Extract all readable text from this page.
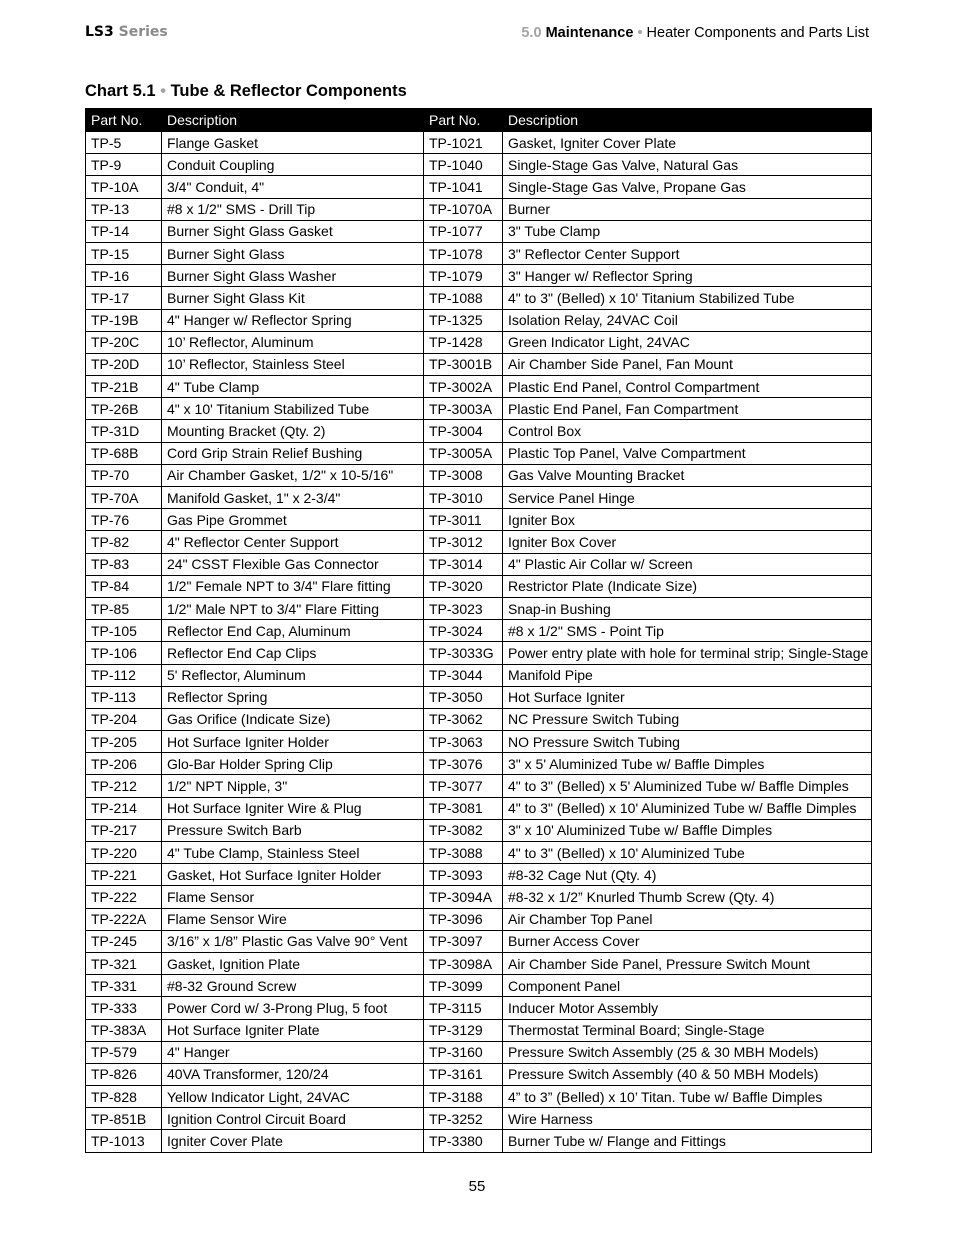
LS3 Series	5.0 Maintenance • Heater Components and Parts List
Chart 5.1 • Tube & Reflector Components
Part No.	Description	Part No.	Description
TP-5	Flange Gasket	TP-1021	Gasket, Igniter Cover Plate
TP-9	Conduit Coupling	TP-1040	Single-Stage Gas Valve, Natural Gas
TP-10A	3/4" Conduit, 4"	TP-1041	Single-Stage Gas Valve, Propane Gas
TP-13	#8 x 1/2" SMS - Drill Tip	TP-1070A	Burner
TP-14	Burner Sight Glass Gasket	TP-1077	3" Tube Clamp
TP-15	Burner Sight Glass	TP-1078	3" Reflector Center Support
TP-16	Burner Sight Glass Washer	TP-1079	3" Hanger w/ Reflector Spring
TP-17	Burner Sight Glass Kit	TP-1088	4" to 3" (Belled) x 10' Titanium Stabilized Tube
TP-19B	4" Hanger w/ Reflector Spring	TP-1325	Isolation Relay, 24VAC Coil
TP-20C	10’ Reflector, Aluminum	TP-1428	Green Indicator Light, 24VAC
TP-20D	10’ Reflector, Stainless Steel	TP-3001B	Air Chamber Side Panel, Fan Mount
TP-21B	4" Tube Clamp	TP-3002A	Plastic End Panel, Control Compartment
TP-26B	4" x 10' Titanium Stabilized Tube	TP-3003A	Plastic End Panel, Fan Compartment
TP-31D	Mounting Bracket (Qty. 2)	TP-3004	Control Box
TP-68B	Cord Grip Strain Relief Bushing	TP-3005A	Plastic Top Panel, Valve Compartment
TP-70	Air Chamber Gasket, 1/2" x 10-5/16"	TP-3008	Gas Valve Mounting Bracket
TP-70A	Manifold Gasket, 1" x 2-3/4"	TP-3010	Service Panel Hinge
TP-76	Gas Pipe Grommet	TP-3011	Igniter Box
TP-82	4" Reflector Center Support	TP-3012	Igniter Box Cover
TP-83	24" CSST Flexible Gas Connector	TP-3014	4" Plastic Air Collar w/ Screen
TP-84	1/2" Female NPT to 3/4" Flare fitting	TP-3020	Restrictor Plate (Indicate Size)
TP-85	1/2" Male NPT to 3/4" Flare Fitting	TP-3023	Snap-in Bushing
TP-105	Reflector End Cap, Aluminum	TP-3024	#8 x 1/2" SMS - Point Tip
TP-106	Reflector End Cap Clips	TP-3033G	Power entry plate with hole for terminal strip; Single-Stage
TP-112	5' Reflector, Aluminum	TP-3044	Manifold Pipe
TP-113	Reflector Spring	TP-3050	Hot Surface Igniter
TP-204	Gas Orifice (Indicate Size)	TP-3062	NC Pressure Switch Tubing
TP-205	Hot Surface Igniter Holder	TP-3063	NO Pressure Switch Tubing
TP-206	Glo-Bar Holder Spring Clip	TP-3076	3" x 5' Aluminized Tube w/ Baffle Dimples
TP-212	1/2" NPT Nipple, 3"	TP-3077	4" to 3" (Belled) x 5' Aluminized Tube w/ Baffle Dimples
TP-214	Hot Surface Igniter Wire & Plug	TP-3081	4" to 3" (Belled) x 10' Aluminized Tube w/ Baffle Dimples
TP-217	Pressure Switch Barb	TP-3082	3" x 10' Aluminized Tube w/ Baffle Dimples
TP-220	4" Tube Clamp, Stainless Steel	TP-3088	4" to 3" (Belled) x 10' Aluminized Tube
TP-221	Gasket, Hot Surface Igniter Holder	TP-3093	#8-32 Cage Nut (Qty. 4)
TP-222	Flame Sensor	TP-3094A	#8-32 x 1/2” Knurled Thumb Screw (Qty. 4)
TP-222A	Flame Sensor Wire	TP-3096	Air Chamber Top Panel
TP-245	3/16” x 1/8” Plastic Gas Valve 90° Vent	TP-3097	Burner Access Cover
TP-321	Gasket, Ignition Plate	TP-3098A	Air Chamber Side Panel, Pressure Switch Mount
TP-331	#8-32 Ground Screw	TP-3099	Component Panel
TP-333	Power Cord w/ 3-Prong Plug, 5 foot	TP-3115	Inducer Motor Assembly
TP-383A	Hot Surface Igniter Plate	TP-3129	Thermostat Terminal Board; Single-Stage
TP-579	4" Hanger	TP-3160	Pressure Switch Assembly (25 & 30 MBH Models)
TP-826	40VA Transformer, 120/24	TP-3161	Pressure Switch Assembly (40 & 50 MBH Models)
TP-828	Yellow Indicator Light, 24VAC	TP-3188	4” to 3” (Belled) x 10’ Titan. Tube w/ Baffle Dimples
TP-851B	Ignition Control Circuit Board	TP-3252	Wire Harness
TP-1013	Igniter Cover Plate	TP-3380	Burner Tube w/ Flange and Fittings
55
